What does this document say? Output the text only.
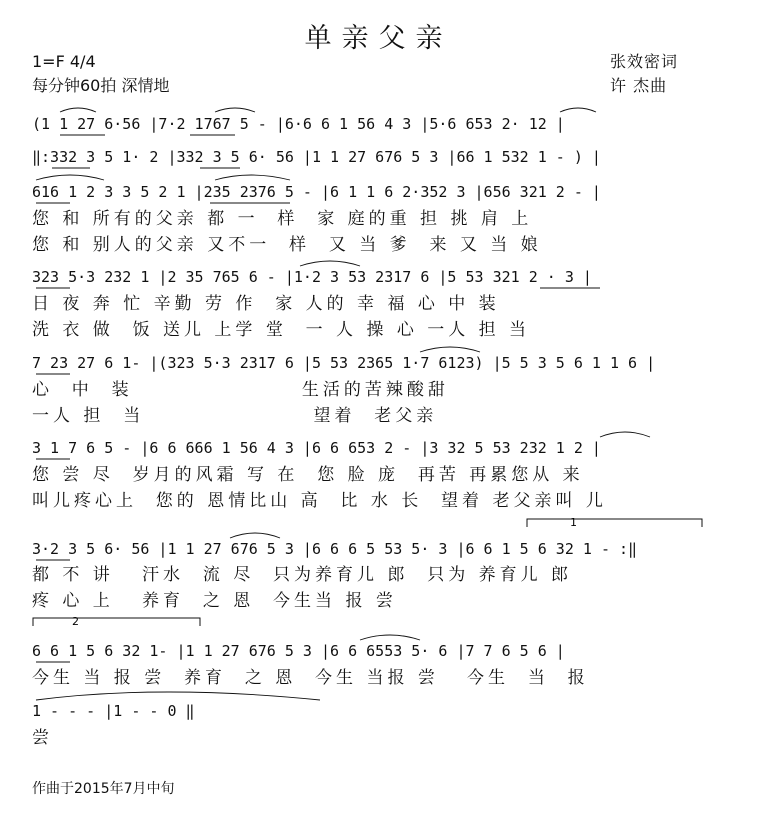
单亲父亲
1=F 4/4
每分钟60拍 深情地
张效密词
许 杰曲
(1 1 27 6·56 |7·2 1767 5 - |6·6 6 1 56 4 3 |5·6 653 2· 12 |
‖:332 3 5 1· 2 |332 3 5 6· 56 |1 1 27 676 5 3 |66 1 532 1 - ) |
616 1 2 3 3 5 2 1 |235 2376 5 - |6 1 1 6 2·352 3 |656 321 2 - |
您 和 所有的父亲 都 一  样  家 庭的重 担 挑 肩 上
您 和 别人的父亲 又不一  样  又 当 爹  来 又 当 娘
323 5·3 232 1 |2 35 765 6 - |1·2 3 53 2317 6 |5 53 321 2 · 3 |
日 夜 奔 忙 辛勤 劳 作  家 人的 幸 福 心 中 装
洗 衣 做  饭 送儿 上学 堂  一 人 操 心 一人 担 当
7 23 27 6 1- |(323 5·3 2317 6 |5 53 2365 1·7 6123) |5 5 3 5 6 1 1 6 |
心  中  装                  生活的苦辣酸甜
一人 担  当                  望着  老父亲
3 1 7 6 5 - |6 6 666 1 56 4 3 |6 6 653 2 - |3 32 5 53 232 1 2 |
您 尝 尽  岁月的风霜 写 在  您 脸 庞  再苦 再累您从 来
叫儿疼心上  您的 恩情比山 高  比 水 长  望着 老父亲叫 儿
3·2 3 5 6· 56 |1 1 27 676 5 3 |6 6 6 5 53 5· 3 |6 6 1 5 6 32 1 - :‖
都 不 讲   汗水  流 尽  只为养育儿 郎  只为 养育儿 郎
疼 心 上   养育  之 恩  今生当 报 尝
6 6 1 5 6 32 1- |1 1 27 676 5 3 |6 6 6553 5· 6 |7 7 6 5 6 |
今生 当 报 尝  养育  之 恩  今生 当报 尝   今生  当  报
1 - - - |1 - - 0 ‖
尝
1
2
作曲于2015年7月中旬
